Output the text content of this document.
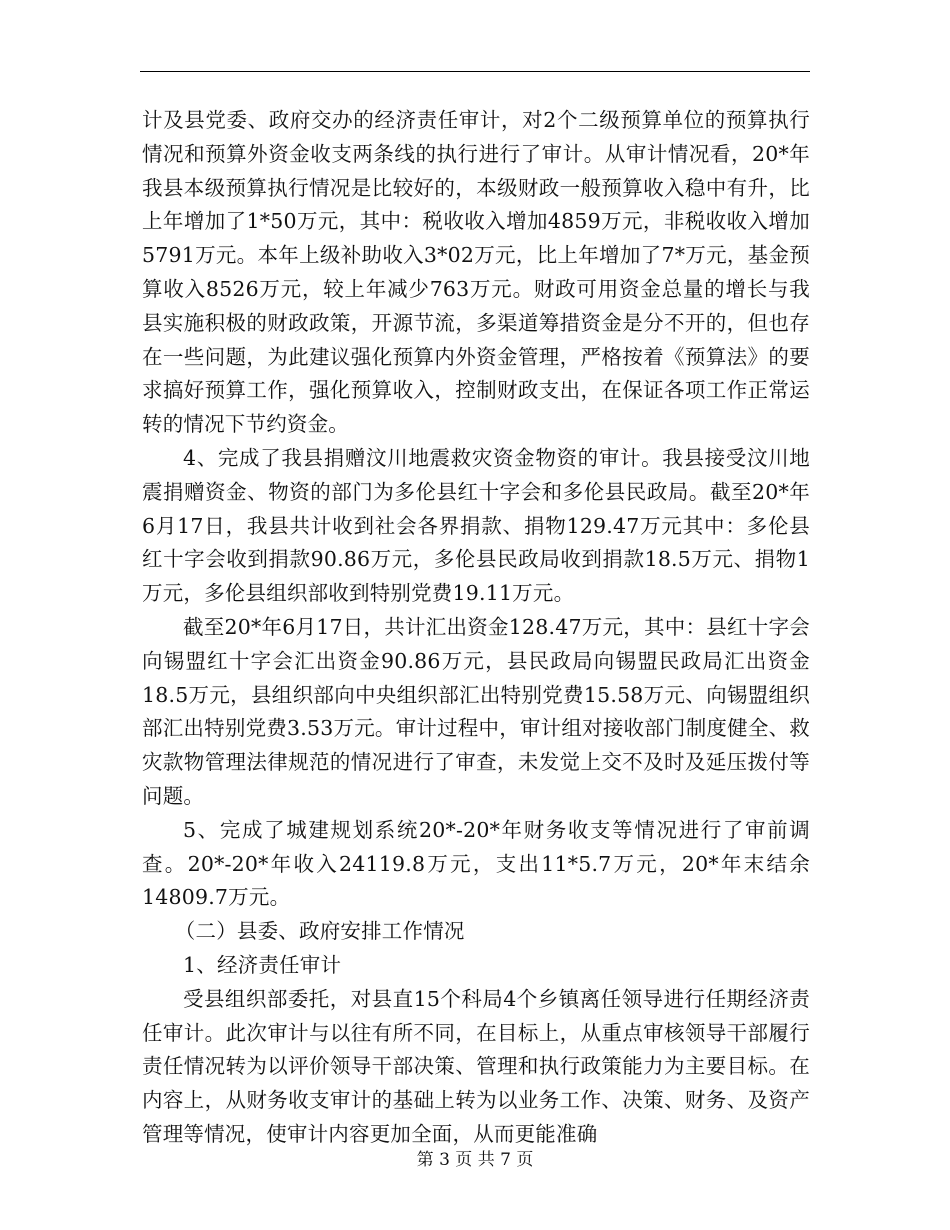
计及县党委、政府交办的经济责任审计，对2个二级预算单位的预算执行情况和预算外资金收支两条线的执行进行了审计。从审计情况看，20*年我县本级预算执行情况是比较好的，本级财政一般预算收入稳中有升，比上年增加了1*50万元，其中：税收收入增加4859万元，非税收收入增加5791万元。本年上级补助收入3*02万元，比上年增加了7*万元，基金预算收入8526万元，较上年减少763万元。财政可用资金总量的增长与我县实施积极的财政政策，开源节流，多渠道筹措资金是分不开的，但也存在一些问题，为此建议强化预算内外资金管理，严格按着《预算法》的要求搞好预算工作，强化预算收入，控制财政支出，在保证各项工作正常运转的情况下节约资金。

4、完成了我县捐赠汶川地震救灾资金物资的审计。我县接受汶川地震捐赠资金、物资的部门为多伦县红十字会和多伦县民政局。截至20*年6月17日，我县共计收到社会各界捐款、捐物129.47万元其中：多伦县红十字会收到捐款90.86万元，多伦县民政局收到捐款18.5万元、捐物1万元，多伦县组织部收到特别党费19.11万元。

截至20*年6月17日，共计汇出资金128.47万元，其中：县红十字会向锡盟红十字会汇出资金90.86万元，县民政局向锡盟民政局汇出资金18.5万元，县组织部向中央组织部汇出特别党费15.58万元、向锡盟组织部汇出特别党费3.53万元。审计过程中，审计组对接收部门制度健全、救灾款物管理法律规范的情况进行了审查，未发觉上交不及时及延压拨付等问题。

5、完成了城建规划系统20*-20*年财务收支等情况进行了审前调查。20*-20*年收入24119.8万元，支出11*5.7万元，20*年末结余14809.7万元。

（二）县委、政府安排工作情况

1、经济责任审计

受县组织部委托，对县直15个科局4个乡镇离任领导进行任期经济责任审计。此次审计与以往有所不同，在目标上，从重点审核领导干部履行责任情况转为以评价领导干部决策、管理和执行政策能力为主要目标。在内容上，从财务收支审计的基础上转为以业务工作、决策、财务、及资产管理等情况，使审计内容更加全面，从而更能准确

第 3 页 共 7 页
